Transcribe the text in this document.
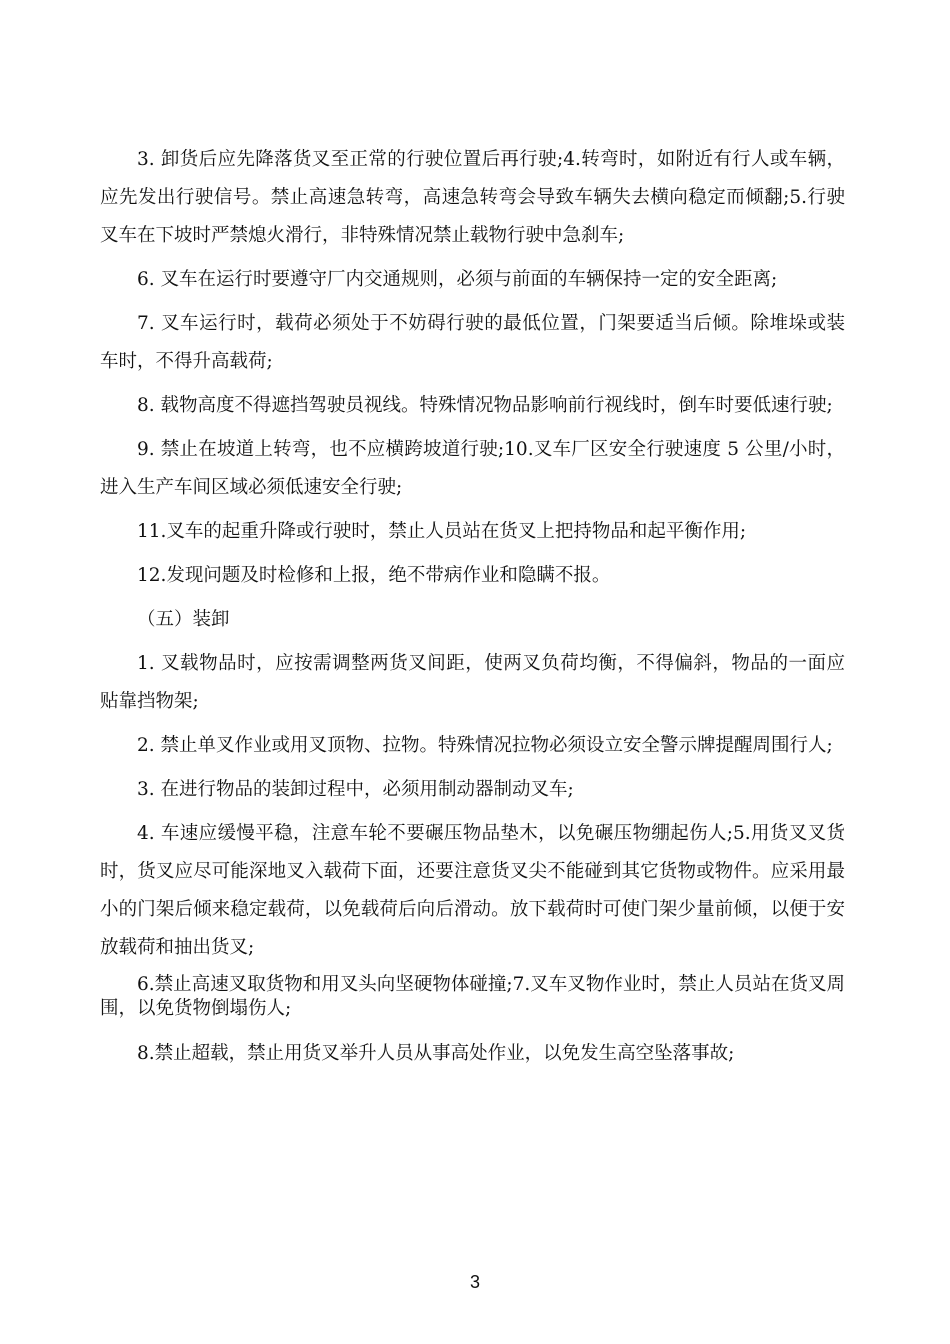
3. 卸货后应先降落货叉至正常的行驶位置后再行驶;4.转弯时，如附近有行人或车辆，应先发出行驶信号。禁止高速急转弯，高速急转弯会导致车辆失去横向稳定而倾翻;5.行驶叉车在下坡时严禁熄火滑行，非特殊情况禁止载物行驶中急刹车;

6. 叉车在运行时要遵守厂内交通规则，必须与前面的车辆保持一定的安全距离;

7. 叉车运行时，载荷必须处于不妨碍行驶的最低位置，门架要适当后倾。除堆垛或装车时，不得升高载荷;

8. 载物高度不得遮挡驾驶员视线。特殊情况物品影响前行视线时，倒车时要低速行驶;

9. 禁止在坡道上转弯，也不应横跨坡道行驶;10.叉车厂区安全行驶速度 5 公里/小时，进入生产车间区域必须低速安全行驶;

11.叉车的起重升降或行驶时，禁止人员站在货叉上把持物品和起平衡作用;

12.发现问题及时检修和上报，绝不带病作业和隐瞒不报。

（五）装卸

1. 叉载物品时，应按需调整两货叉间距，使两叉负荷均衡，不得偏斜，物品的一面应贴靠挡物架;

2. 禁止单叉作业或用叉顶物、拉物。特殊情况拉物必须设立安全警示牌提醒周围行人;

3. 在进行物品的装卸过程中，必须用制动器制动叉车;

4. 车速应缓慢平稳，注意车轮不要碾压物品垫木，以免碾压物绷起伤人;5.用货叉叉货时，货叉应尽可能深地叉入载荷下面，还要注意货叉尖不能碰到其它货物或物件。应采用最小的门架后倾来稳定载荷，以免载荷后向后滑动。放下载荷时可使门架少量前倾，以便于安放载荷和抽出货叉;

6.禁止高速叉取货物和用叉头向坚硬物体碰撞;7.叉车叉物作业时，禁止人员站在货叉周围，以免货物倒塌伤人;

8.禁止超载，禁止用货叉举升人员从事高处作业，以免发生高空坠落事故;

3
